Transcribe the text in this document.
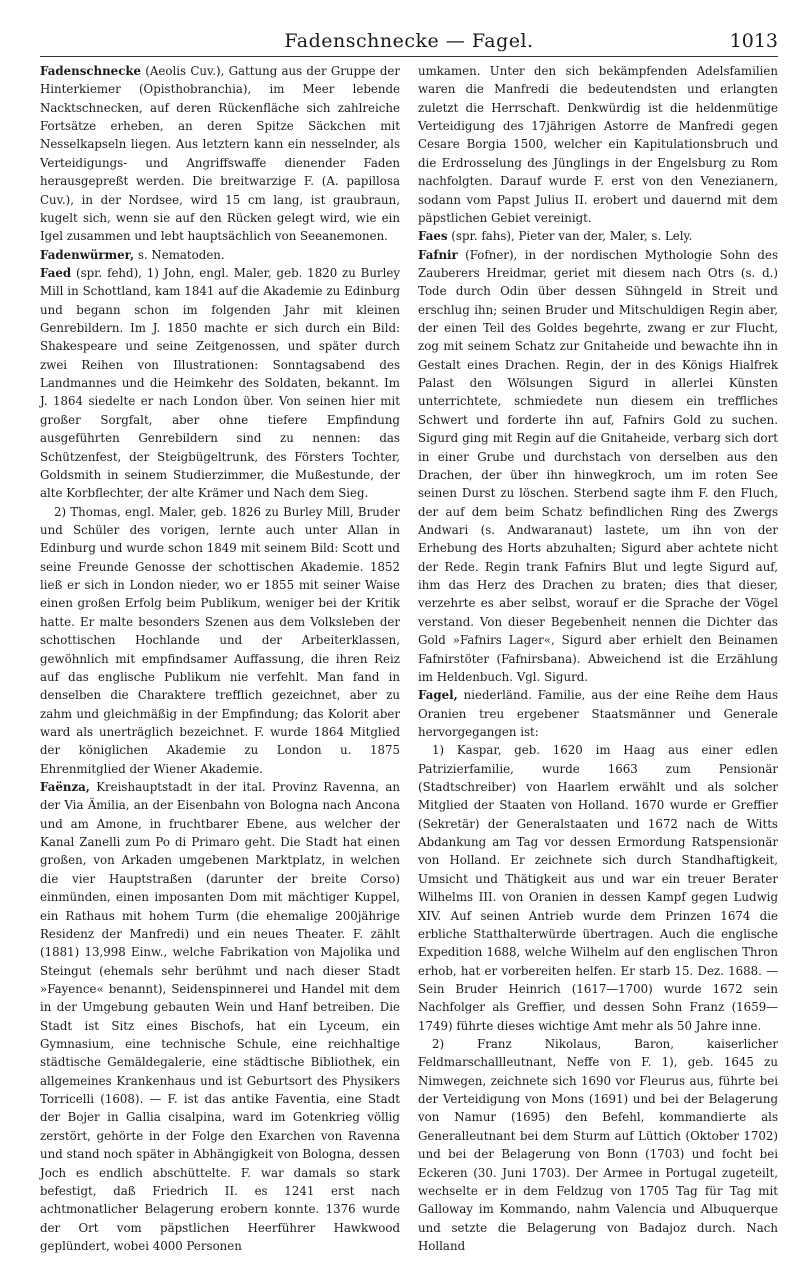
Fadenschnecke — Fagel.	1013

Fadenschnecke (Aeolis Cuv.), Gattung aus der Gruppe der Hinterkiemer (Opisthobranchia), im Meer lebende Nacktschnecken, auf deren Rückenfläche sich zahlreiche Fortsätze erheben, an deren Spitze Säckchen mit Nesselkapseln liegen. Aus letztern kann ein nesselnder, als Verteidigungs- und Angriffswaffe dienender Faden herausgepreßt werden. Die breitwarzige F. (A. papillosa Cuv.), in der Nordsee, wird 15 cm lang, ist graubraun, kugelt sich, wenn sie auf den Rücken gelegt wird, wie ein Igel zusammen und lebt hauptsächlich von Seeanemonen.

Fadenwürmer, s. Nematoden.

Faed (spr. fehd), 1) John, engl. Maler, geb. 1820 zu Burley Mill in Schottland, kam 1841 auf die Akademie zu Edinburg und begann schon im folgenden Jahr mit kleinen Genrebildern. Im J. 1850 machte er sich durch ein Bild: Shakespeare und seine Zeitgenossen, und später durch zwei Reihen von Illustrationen: Sonntagsabend des Landmannes und die Heimkehr des Soldaten, bekannt. Im J. 1864 siedelte er nach London über. Von seinen hier mit großer Sorgfalt, aber ohne tiefere Empfindung ausgeführten Genrebildern sind zu nennen: das Schützenfest, der Steigbügeltrunk, des Försters Tochter, Goldsmith in seinem Studierzimmer, die Mußestunde, der alte Korbflechter, der alte Krämer und Nach dem Sieg.

2) Thomas, engl. Maler, geb. 1826 zu Burley Mill, Bruder und Schüler des vorigen, lernte auch unter Allan in Edinburg und wurde schon 1849 mit seinem Bild: Scott und seine Freunde Genosse der schottischen Akademie. 1852 ließ er sich in London nieder, wo er 1855 mit seiner Waise einen großen Erfolg beim Publikum, weniger bei der Kritik hatte. Er malte besonders Szenen aus dem Volksleben der schottischen Hochlande und der Arbeiterklassen, gewöhnlich mit empfindsamer Auffassung, die ihren Reiz auf das englische Publikum nie verfehlt. Man fand in denselben die Charaktere trefflich gezeichnet, aber zu zahm und gleichmäßig in der Empfindung; das Kolorit aber ward als unerträglich bezeichnet. F. wurde 1864 Mitglied der königlichen Akademie zu London u. 1875 Ehrenmitglied der Wiener Akademie.

Faënza, Kreishauptstadt in der ital. Provinz Ravenna, an der Via Ämilia, an der Eisenbahn von Bologna nach Ancona und am Amone, in fruchtbarer Ebene, aus welcher der Kanal Zanelli zum Po di Primaro geht. Die Stadt hat einen großen, von Arkaden umgebenen Marktplatz, in welchen die vier Hauptstraßen (darunter der breite Corso) einmünden, einen imposanten Dom mit mächtiger Kuppel, ein Rathaus mit hohem Turm (die ehemalige 200jährige Residenz der Manfredi) und ein neues Theater. F. zählt (1881) 13,998 Einw., welche Fabrikation von Majolika und Steingut (ehemals sehr berühmt und nach dieser Stadt »Fayence« benannt), Seidenspinnerei und Handel mit dem in der Umgebung gebauten Wein und Hanf betreiben. Die Stadt ist Sitz eines Bischofs, hat ein Lyceum, ein Gymnasium, eine technische Schule, eine reichhaltige städtische Gemäldegalerie, eine städtische Bibliothek, ein allgemeines Krankenhaus und ist Geburtsort des Physikers Torricelli (1608). — F. ist das antike Faventia, eine Stadt der Bojer in Gallia cisalpina, ward im Gotenkrieg völlig zerstört, gehörte in der Folge den Exarchen von Ravenna und stand noch später in Abhängigkeit von Bologna, dessen Joch es endlich abschüttelte. F. war damals so stark befestigt, daß Friedrich II. es 1241 erst nach achtmonatlicher Belagerung erobern konnte. 1376 wurde der Ort vom päpstlichen Heerführer Hawkwood geplündert, wobei 4000 Personen

umkamen. Unter den sich bekämpfenden Adelsfamilien waren die Manfredi die bedeutendsten und erlangten zuletzt die Herrschaft. Denkwürdig ist die heldenmütige Verteidigung des 17jährigen Astorre de Manfredi gegen Cesare Borgia 1500, welcher ein Kapitulationsbruch und die Erdrosselung des Jünglings in der Engelsburg zu Rom nachfolgten. Darauf wurde F. erst von den Venezianern, sodann vom Papst Julius II. erobert und dauernd mit dem päpstlichen Gebiet vereinigt.

Faes (spr. fahs), Pieter van der, Maler, s. Lely.

Fafnir (Fofner), in der nordischen Mythologie Sohn des Zauberers Hreidmar, geriet mit diesem nach Otrs (s. d.) Tode durch Odin über dessen Sühngeld in Streit und erschlug ihn; seinen Bruder und Mitschuldigen Regin aber, der einen Teil des Goldes begehrte, zwang er zur Flucht, zog mit seinem Schatz zur Gnitaheide und bewachte ihn in Gestalt eines Drachen. Regin, der in des Königs Hialfrek Palast den Wölsungen Sigurd in allerlei Künsten unterrichtete, schmiedete nun diesem ein treffliches Schwert und forderte ihn auf, Fafnirs Gold zu suchen. Sigurd ging mit Regin auf die Gnitaheide, verbarg sich dort in einer Grube und durchstach von derselben aus den Drachen, der über ihn hinwegkroch, um im roten See seinen Durst zu löschen. Sterbend sagte ihm F. den Fluch, der auf dem beim Schatz befindlichen Ring des Zwergs Andwari (s. Andwaranaut) lastete, um ihn von der Erhebung des Horts abzuhalten; Sigurd aber achtete nicht der Rede. Regin trank Fafnirs Blut und legte Sigurd auf, ihm das Herz des Drachen zu braten; dies that dieser, verzehrte es aber selbst, worauf er die Sprache der Vögel verstand. Von dieser Begebenheit nennen die Dichter das Gold »Fafnirs Lager«, Sigurd aber erhielt den Beinamen Fafnirstöter (Fafnirsbana). Abweichend ist die Erzählung im Heldenbuch. Vgl. Sigurd.

Fagel, niederländ. Familie, aus der eine Reihe dem Haus Oranien treu ergebener Staatsmänner und Generale hervorgegangen ist:

1) Kaspar, geb. 1620 im Haag aus einer edlen Patrizierfamilie, wurde 1663 zum Pensionär (Stadtschreiber) von Haarlem erwählt und als solcher Mitglied der Staaten von Holland. 1670 wurde er Greffier (Sekretär) der Generalstaaten und 1672 nach de Witts Abdankung am Tag vor dessen Ermordung Ratspensionär von Holland. Er zeichnete sich durch Standhaftigkeit, Umsicht und Thätigkeit aus und war ein treuer Berater Wilhelms III. von Oranien in dessen Kampf gegen Ludwig XIV. Auf seinen Antrieb wurde dem Prinzen 1674 die erbliche Statthalterwürde übertragen. Auch die englische Expedition 1688, welche Wilhelm auf den englischen Thron erhob, hat er vorbereiten helfen. Er starb 15. Dez. 1688. — Sein Bruder Heinrich (1617—1700) wurde 1672 sein Nachfolger als Greffier, und dessen Sohn Franz (1659—1749) führte dieses wichtige Amt mehr als 50 Jahre inne.

2) Franz Nikolaus, Baron, kaiserlicher Feldmarschallleutnant, Neffe von F. 1), geb. 1645 zu Nimwegen, zeichnete sich 1690 vor Fleurus aus, führte bei der Verteidigung von Mons (1691) und bei der Belagerung von Namur (1695) den Befehl, kommandierte als Generalleutnant bei dem Sturm auf Lüttich (Oktober 1702) und bei der Belagerung von Bonn (1703) und focht bei Eckeren (30. Juni 1703). Der Armee in Portugal zugeteilt, wechselte er in dem Feldzug von 1705 Tag für Tag mit Galloway im Kommando, nahm Valencia und Albuquerque und setzte die Belagerung von Badajoz durch. Nach Holland
